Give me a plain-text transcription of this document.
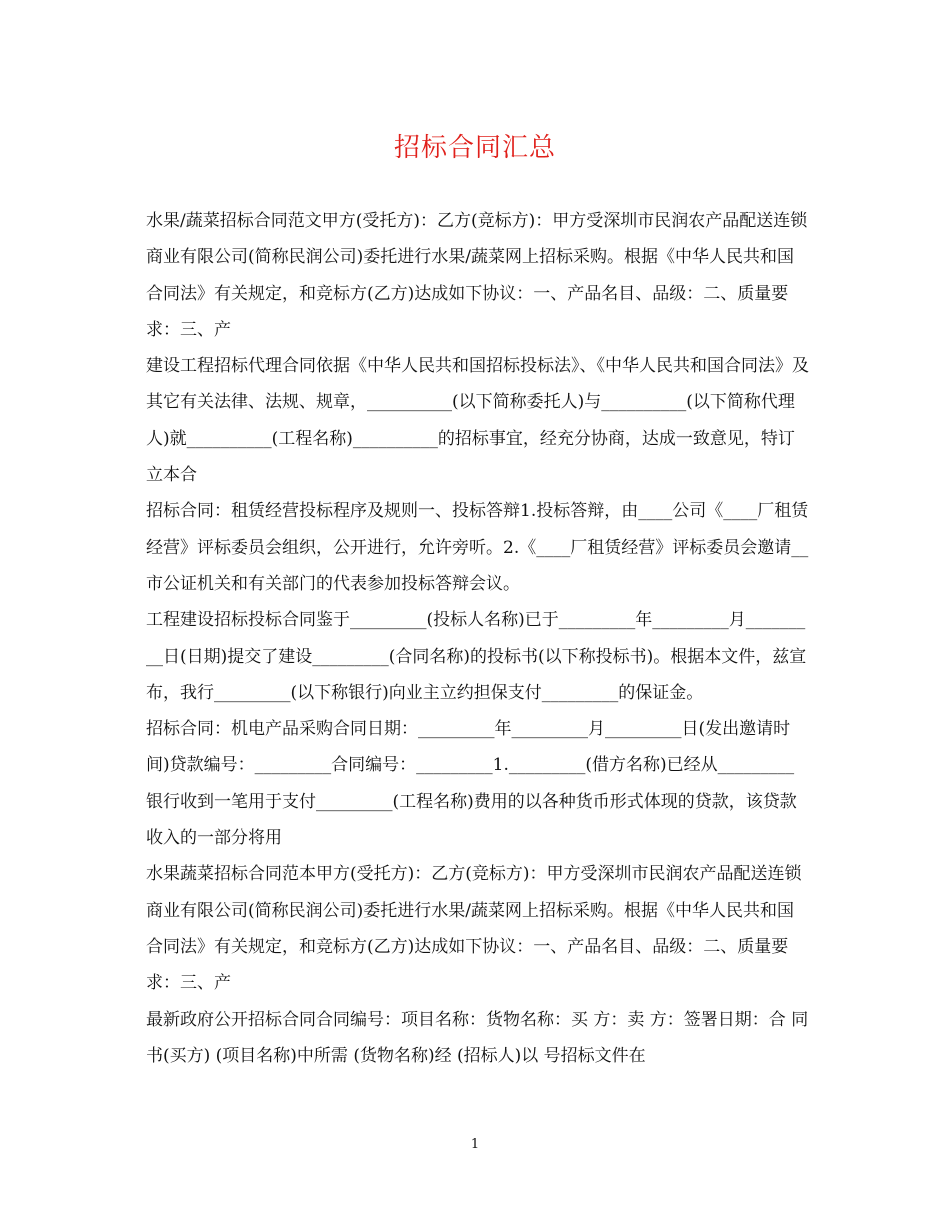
招标合同汇总

水果/蔬菜招标合同范文甲方(受托方)：乙方(竞标方)：甲方受深圳市民润农产品配送连锁商业有限公司(简称民润公司)委托进行水果/蔬菜网上招标采购。根据《中华人民共和国合同法》有关规定，和竞标方(乙方)达成如下协议：一、产品名目、品级：二、质量要求：三、产

建设工程招标代理合同依据《中华人民共和国招标投标法》、《中华人民共和国合同法》及其它有关法律、法规、规章，__________(以下简称委托人)与__________(以下简称代理人)就__________(工程名称)__________的招标事宜，经充分协商，达成一致意见，特订立本合

招标合同：租赁经营投标程序及规则一、投标答辩1.投标答辩，由____公司《____厂租赁经营》评标委员会组织，公开进行，允许旁听。2.《____厂租赁经营》评标委员会邀请__市公证机关和有关部门的代表参加投标答辩会议。

工程建设招标投标合同鉴于_________(投标人名称)已于_________年_________月_________日(日期)提交了建设_________(合同名称)的投标书(以下称投标书)。根据本文件，兹宣布，我行_________(以下称银行)向业主立约担保支付_________的保证金。

招标合同：机电产品采购合同日期：_________年_________月_________日(发出邀请时间)贷款编号：_________合同编号：_________1._________(借方名称)已经从_________银行收到一笔用于支付_________(工程名称)费用的以各种货币形式体现的贷款，该贷款收入的一部分将用

水果蔬菜招标合同范本甲方(受托方)：乙方(竞标方)：甲方受深圳市民润农产品配送连锁商业有限公司(简称民润公司)委托进行水果/蔬菜网上招标采购。根据《中华人民共和国合同法》有关规定，和竞标方(乙方)达成如下协议：一、产品名目、品级：二、质量要求：三、产

最新政府公开招标合同合同编号：项目名称：货物名称：买 方：卖 方：签署日期：合 同 书(买方) (项目名称)中所需 (货物名称)经 (招标人)以 号招标文件在

1
